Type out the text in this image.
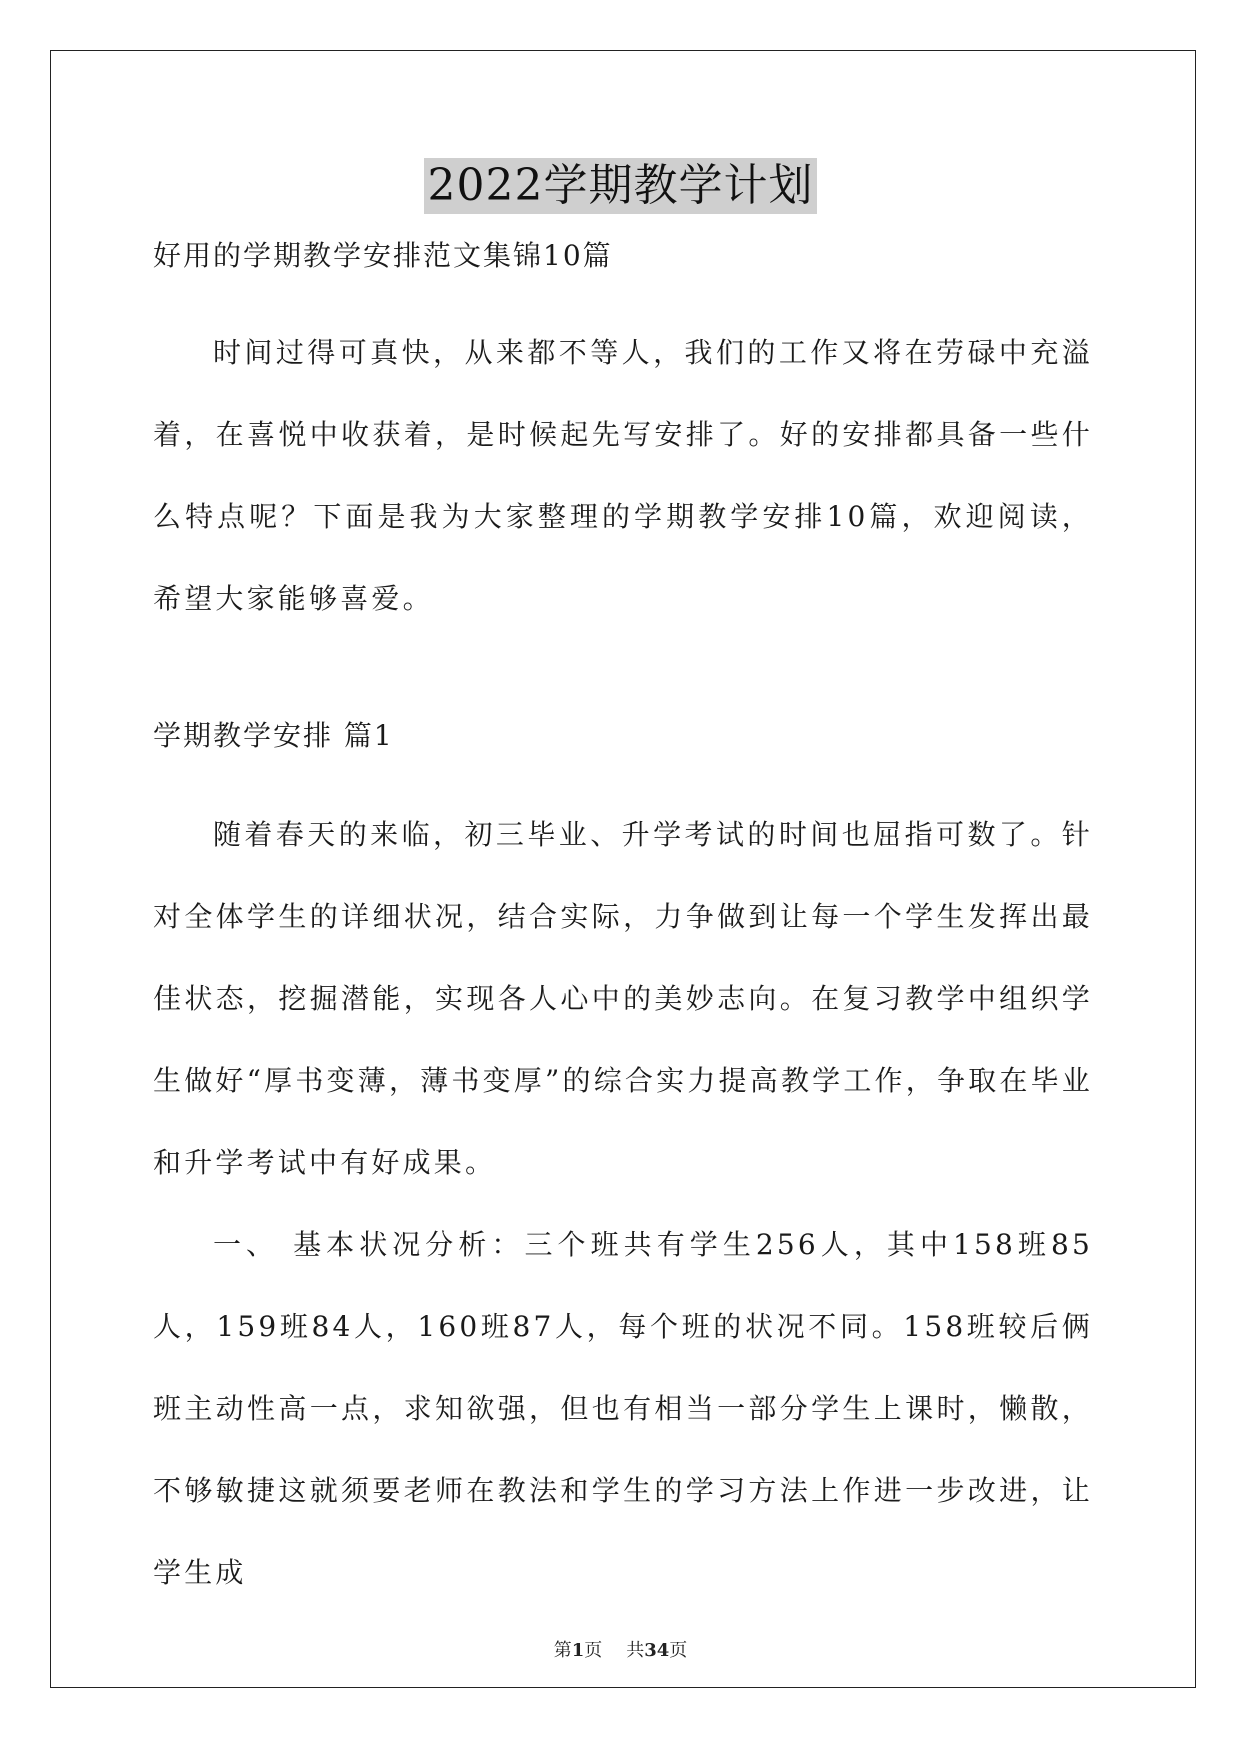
2022学期教学计划
好用的学期教学安排范文集锦10篇

时间过得可真快，从来都不等人，我们的工作又将在劳碌中充溢着，在喜悦中收获着，是时候起先写安排了。好的安排都具备一些什么特点呢？下面是我为大家整理的学期教学安排10篇，欢迎阅读，希望大家能够喜爱。

学期教学安排 篇1

随着春天的来临，初三毕业、升学考试的时间也屈指可数了。针对全体学生的详细状况，结合实际，力争做到让每一个学生发挥出最佳状态，挖掘潜能，实现各人心中的美妙志向。在复习教学中组织学生做好“厚书变薄，薄书变厚”的综合实力提高教学工作，争取在毕业和升学考试中有好成果。

一、 基本状况分析：三个班共有学生256人，其中158班85人，159班84人，160班87人，每个班的状况不同。158班较后俩班主动性高一点，求知欲强，但也有相当一部分学生上课时，懒散，不够敏捷这就须要老师在教法和学生的学习方法上作进一步改进，让学生成

第1页 共34页
